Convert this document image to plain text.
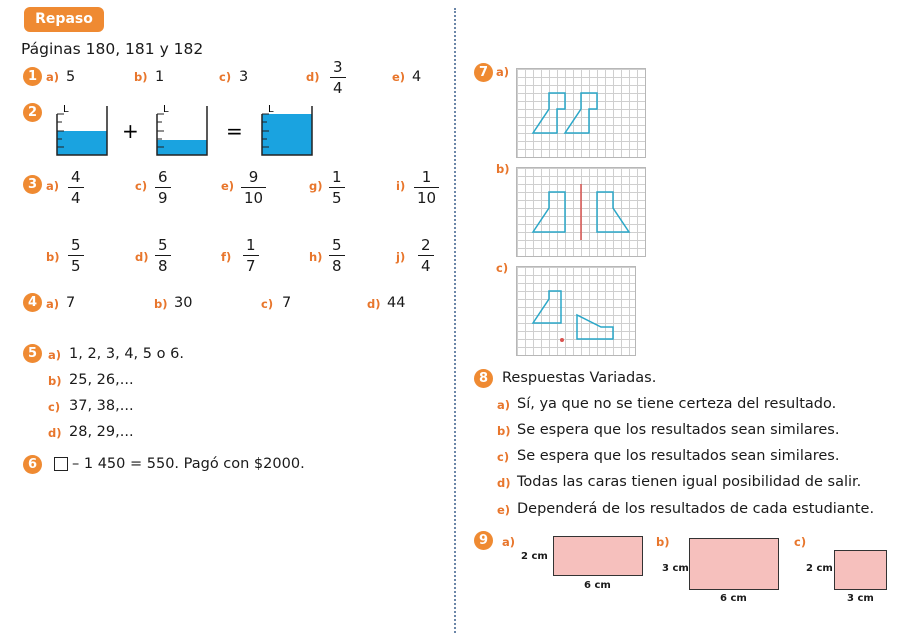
Repaso
Páginas 180, 181 y 182
1 a) 5	b) 1	c) 3	d)
3
4
e) 4
2	L
+
L
=
L
3 a) 4
4
c) 6
9
e) 9
10
g) 1
5
i) 1
10
b)
5
5
d)
5
8
f)
1
7
h)
5
8
j)
2
4
4 a) 7	b) 30	c) 7	d) 44
5 a) 1, 2, 3, 4, 5 o 6.
b) 25, 26,...
c) 37, 38,...
d) 28, 29,...
6	– 1 450 = 550. Pagó con $2000.
7 a)
b)
c)
8 Respuestas Variadas.
a) Sí, ya que no se tiene certeza del resultado.
b) Se espera que los resultados sean similares.
c) Se espera que los resultados sean similares.
d) Todas las caras tienen igual posibilidad de salir.
e) Dependerá de los resultados de cada estudiante.
9	a)
2 cm
6 cm
b)
3 cm
6 cm
c)
2 cm
3 cm
